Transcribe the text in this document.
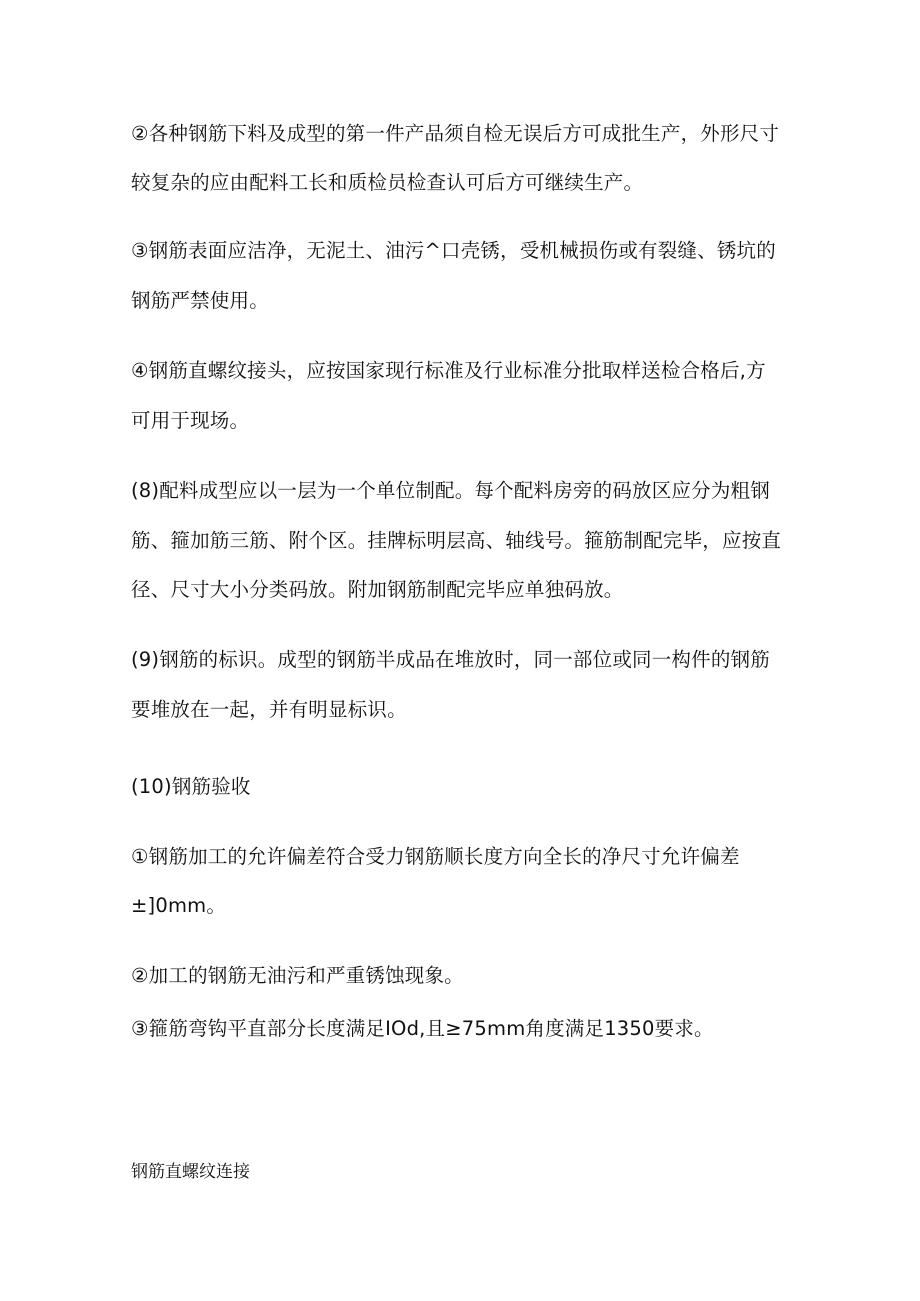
②各种钢筋下料及成型的第一件产品须自检无误后方可成批生产，外形尺寸

较复杂的应由配料工长和质检员检查认可后方可继续生产。

③钢筋表面应洁净，无泥土、油污^口壳锈，受机械损伤或有裂缝、锈坑的

钢筋严禁使用。

④钢筋直螺纹接头，应按国家现行标准及行业标准分批取样送检合格后,方

可用于现场。

(8)配料成型应以一层为一个单位制配。每个配料房旁的码放区应分为粗钢

筋、箍加筋三筋、附个区。挂牌标明层高、轴线号。箍筋制配完毕，应按直

径、尺寸大小分类码放。附加钢筋制配完毕应单独码放。

(9)钢筋的标识。成型的钢筋半成品在堆放时，同一部位或同一构件的钢筋

要堆放在一起，并有明显标识。

(10)钢筋验收

①钢筋加工的允许偏差符合受力钢筋顺长度方向全长的净尺寸允许偏差

±]0mm。

②加工的钢筋无油污和严重锈蚀现象。

③箍筋弯钩平直部分长度满足IOd,且≥75mm角度满足1350要求。

钢筋直螺纹连接
